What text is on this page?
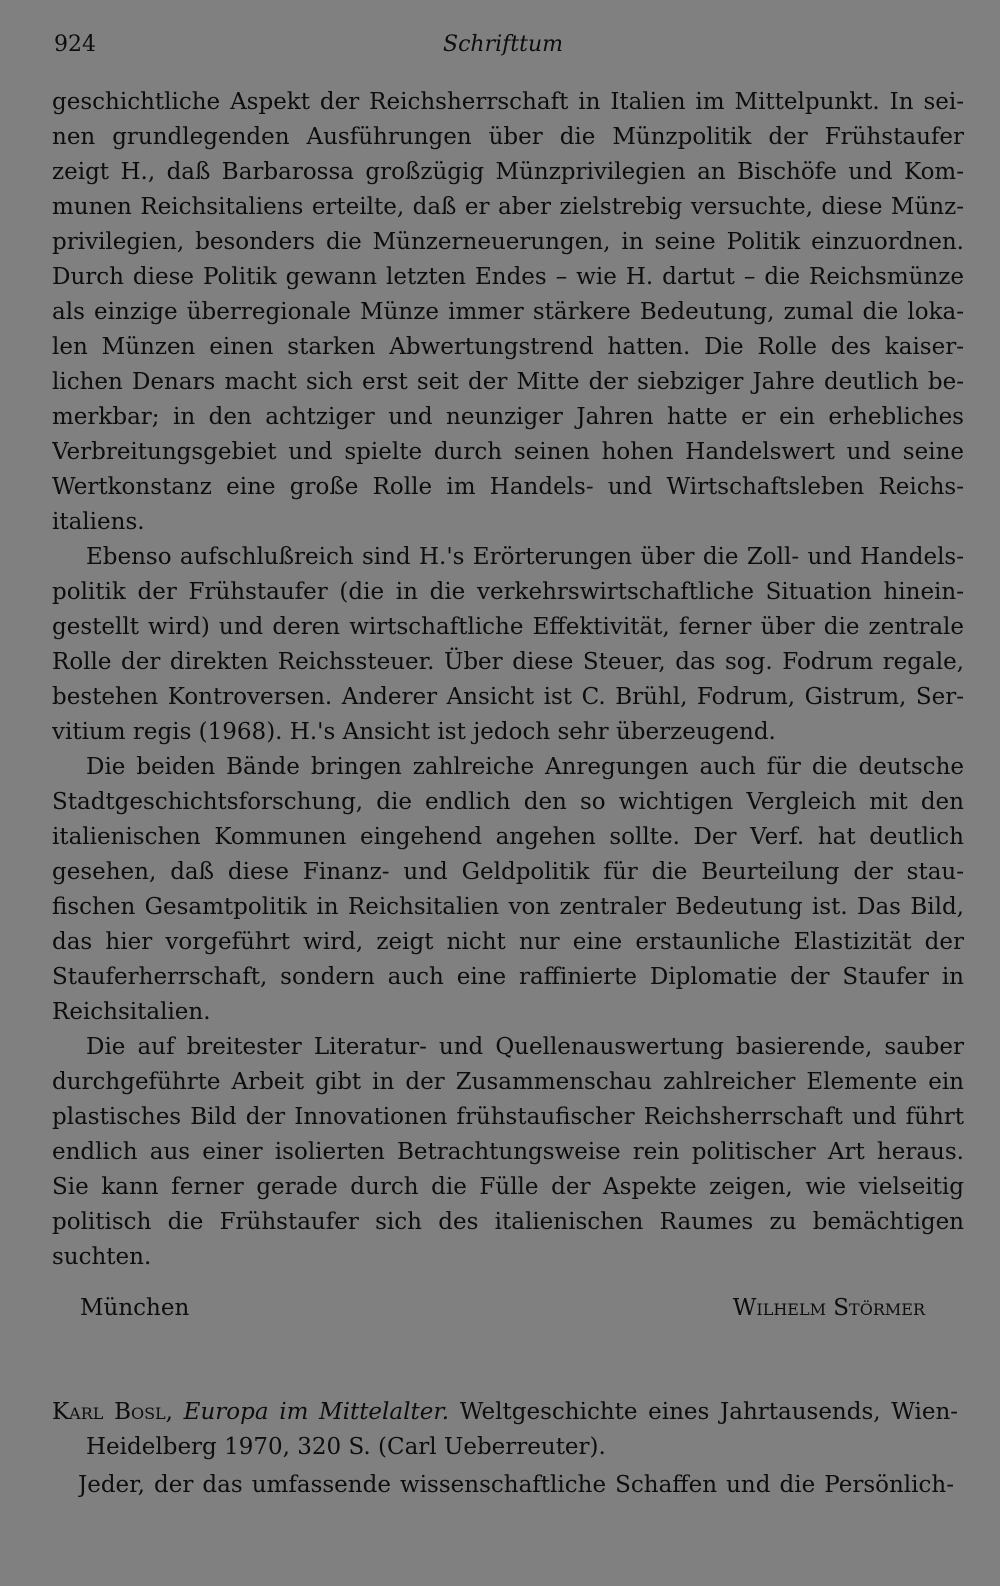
924	Schrifttum
geschichtliche Aspekt der Reichsherrschaft in Italien im Mittelpunkt. In sei-
nen grundlegenden Ausführungen über die Münzpolitik der Frühstaufer
zeigt H., daß Barbarossa großzügig Münzprivilegien an Bischöfe und Kom-
munen Reichsitaliens erteilte, daß er aber zielstrebig versuchte, diese Münz-
privilegien, besonders die Münzerneuerungen, in seine Politik einzuordnen.
Durch diese Politik gewann letzten Endes – wie H. dartut – die Reichsmünze
als einzige überregionale Münze immer stärkere Bedeutung, zumal die loka-
len Münzen einen starken Abwertungstrend hatten. Die Rolle des kaiser-
lichen Denars macht sich erst seit der Mitte der siebziger Jahre deutlich be-
merkbar; in den achtziger und neunziger Jahren hatte er ein erhebliches
Verbreitungsgebiet und spielte durch seinen hohen Handelswert und seine
Wertkonstanz eine große Rolle im Handels- und Wirtschaftsleben Reichs-
italiens.
Ebenso aufschlußreich sind H.'s Erörterungen über die Zoll- und Handels-
politik der Frühstaufer (die in die verkehrswirtschaftliche Situation hinein-
gestellt wird) und deren wirtschaftliche Effektivität, ferner über die zentrale
Rolle der direkten Reichssteuer. Über diese Steuer, das sog. Fodrum regale,
bestehen Kontroversen. Anderer Ansicht ist C. Brühl, Fodrum, Gistrum, Ser-
vitium regis (1968). H.'s Ansicht ist jedoch sehr überzeugend.
Die beiden Bände bringen zahlreiche Anregungen auch für die deutsche
Stadtgeschichtsforschung, die endlich den so wichtigen Vergleich mit den
italienischen Kommunen eingehend angehen sollte. Der Verf. hat deutlich
gesehen, daß diese Finanz- und Geldpolitik für die Beurteilung der stau-
fischen Gesamtpolitik in Reichsitalien von zentraler Bedeutung ist. Das Bild,
das hier vorgeführt wird, zeigt nicht nur eine erstaunliche Elastizität der
Stauferherrschaft, sondern auch eine raffinierte Diplomatie der Staufer in
Reichsitalien.
Die auf breitester Literatur- und Quellenauswertung basierende, sauber
durchgeführte Arbeit gibt in der Zusammenschau zahlreicher Elemente ein
plastisches Bild der Innovationen frühstaufischer Reichsherrschaft und führt
endlich aus einer isolierten Betrachtungsweise rein politischer Art heraus.
Sie kann ferner gerade durch die Fülle der Aspekte zeigen, wie vielseitig
politisch die Frühstaufer sich des italienischen Raumes zu bemächtigen
suchten.
München	Wilhelm Störmer
Karl Bosl, Europa im Mittelalter. Weltgeschichte eines Jahrtausends, Wien-
Heidelberg 1970, 320 S. (Carl Ueberreuter).
Jeder, der das umfassende wissenschaftliche Schaffen und die Persönlich-
